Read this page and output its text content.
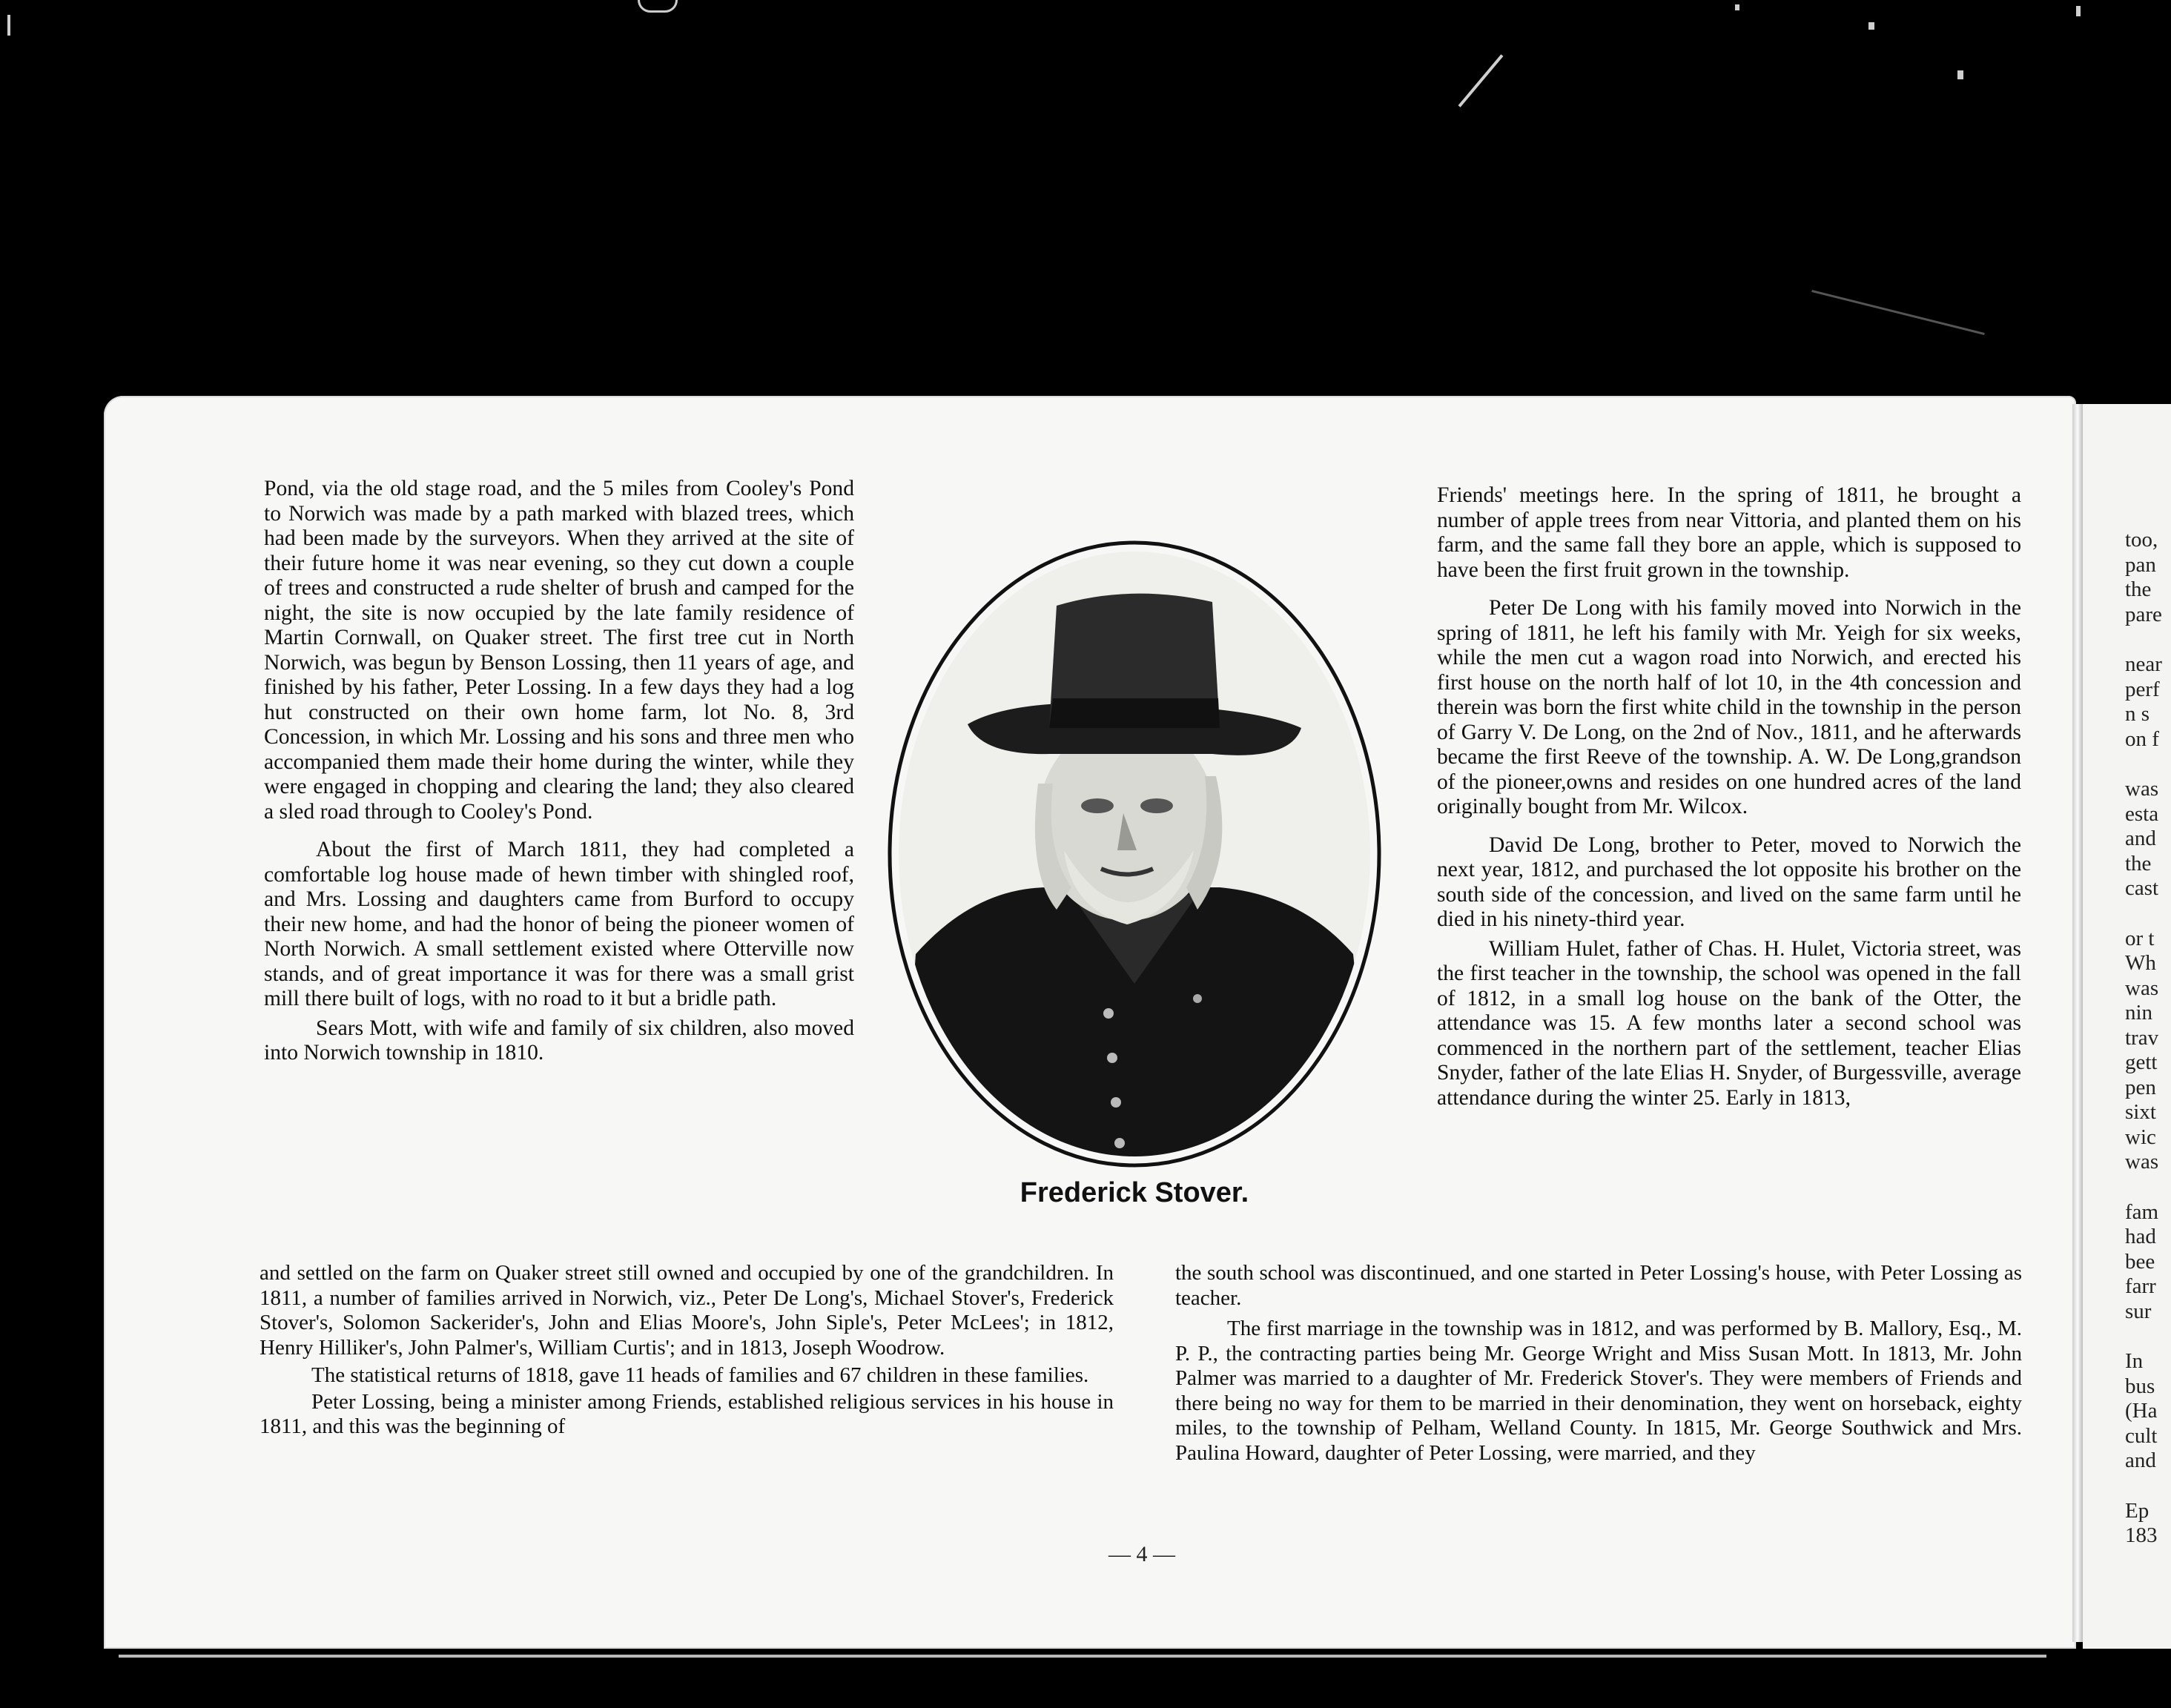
Pond, via the old stage road, and the 5 miles from Cooley's Pond to Norwich was made by a path marked with blazed trees, which had been made by the surveyors. When they arrived at the site of their future home it was near evening, so they cut down a couple of trees and constructed a rude shelter of brush and camped for the night, the site is now occupied by the late family residence of Martin Cornwall, on Quaker street. The first tree cut in North Norwich, was begun by Benson Lossing, then 11 years of age, and finished by his father, Peter Lossing. In a few days they had a log hut constructed on their own home farm, lot No. 8, 3rd Concession, in which Mr. Lossing and his sons and three men who accompanied them made their home during the winter, while they were engaged in chopping and clearing the land; they also cleared a sled road through to Cooley's Pond.

About the first of March 1811, they had completed a comfortable log house made of hewn timber with shingled roof, and Mrs. Lossing and daughters came from Burford to occupy their new home, and had the honor of being the pioneer women of North Norwich. A small settlement existed where Otterville now stands, and of great importance it was for there was a small grist mill there built of logs, with no road to it but a bridle path.

Sears Mott, with wife and family of six children, also moved into Norwich township in 1810.

Frederick Stover.

Friends' meetings here. In the spring of 1811, he brought a number of apple trees from near Vittoria, and planted them on his farm, and the same fall they bore an apple, which is supposed to have been the first fruit grown in the township.

Peter De Long with his family moved into Norwich in the spring of 1811, he left his family with Mr. Yeigh for six weeks, while the men cut a wagon road into Norwich, and erected his first house on the north half of lot 10, in the 4th concession and therein was born the first white child in the township in the person of Garry V. De Long, on the 2nd of Nov., 1811, and he afterwards became the first Reeve of the township. A. W. De Long,grandson of the pioneer,owns and resides on one hundred acres of the land originally bought from Mr. Wilcox.

David De Long, brother to Peter, moved to Norwich the next year, 1812, and purchased the lot opposite his brother on the south side of the concession, and lived on the same farm until he died in his ninety-third year.

William Hulet, father of Chas. H. Hulet, Victoria street, was the first teacher in the township, the school was opened in the fall of 1812, in a small log house on the bank of the Otter, the attendance was 15. A few months later a second school was commenced in the northern part of the settlement, teacher Elias Snyder, father of the late Elias H. Snyder, of Burgessville, average attendance during the winter 25. Early in 1813,

and settled on the farm on Quaker street still owned and occupied by one of the grandchildren. In 1811, a number of families arrived in Norwich, viz., Peter De Long's, Michael Stover's, Frederick Stover's, Solomon Sackerider's, John and Elias Moore's, John Siple's, Peter McLees'; in 1812, Henry Hilliker's, John Palmer's, William Curtis'; and in 1813, Joseph Woodrow.

The statistical returns of 1818, gave 11 heads of families and 67 children in these families.

Peter Lossing, being a minister among Friends, established religious services in his house in 1811, and this was the beginning of

the south school was discontinued, and one started in Peter Lossing's house, with Peter Lossing as teacher.

The first marriage in the township was in 1812, and was performed by B. Mallory, Esq., M. P. P., the contracting parties being Mr. George Wright and Miss Susan Mott. In 1813, Mr. John Palmer was married to a daughter of Mr. Frederick Stover's. They were members of Friends and there being no way for them to be married in their denomination, they went on horseback, eighty miles, to the township of Pelham, Welland County. In 1815, Mr. George Southwick and Mrs. Paulina Howard, daughter of Peter Lossing, were married, and they

— 4 —
too,
pan
the
pare
near
perf
n s
on f
was
esta
and
the
cast
or t
Wh
was
nin
trav
gett
pen
sixt
wic
was
fam
had
bee
farr
sur
In
bus
(Ha
cult
and
Ep
183
